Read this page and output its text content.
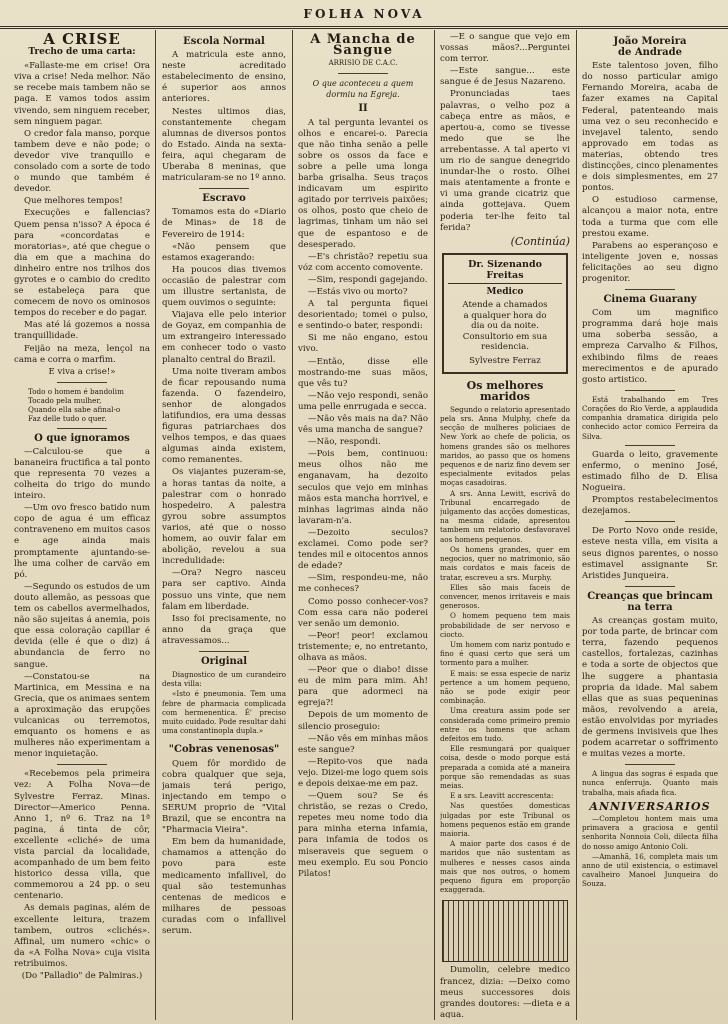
FOLHA NOVA
A CRISE
Trecho de uma carta:

«Fallaste-me em crise! Ora viva a crise! Neda melhor. Não se recebe mais tambem não se paga. E vamos todos assim vivendo, sem ninguem receber, sem ninguem pagar.

O credor fala manso, porque tambem deve e não pode; o devedor vive tranquillo e consolado com a sorte de todo o mundo que também é devedor.

Que melhores tempos!

Execuções e fallencias? Quem pensa n'isso? A época é para «concordatas e moratorias», até que chegue o dia em que a machina do dinheiro entre nos trilhos dos gyrotes e o cambio do credito se estabeleça para que comecem de novo os ominosos tempos do receber e do pagar.

Mas até lá gozemos a nossa tranquillidade.

Feijão na meza, lençol na cama e corra o marfim.

E viva a crise!»

Todo o homem é bandolim
Tocado pela mulher,
Quando ella sabe afinal-o
Faz delle tudo o quer.
O que ignoramos

—Calculou-se que a bananeira fructifica a tal ponto que representa 70 vezes a colheita do trigo do mundo inteiro.

—Um ovo fresco batido num copo de agua é um efficaz contraveneno em muitos casos e age ainda mais promptamente ajuntando-se-lhe uma colher de carvão em pó.

—Segundo os estudos de um douto allemão, as pessoas que tem os cabellos avermelhados, não são sujeitas á anemia, pois que essa coloração capillar é devida (elle é que o diz) á abundancia de ferro no sangue.

—Constatou-se na Martinica, em Messina e na Grecia, que os animaes sentem a aproximação das erupções vulcanicas ou terremotos, emquanto os homens e as mulheres não experimentam a menor inquietação.

«Recebemos pela primeira vez: A Folha Nova—de Sylvestre Ferraz. Minas. Director—Americo Penna. Anno 1, nº 6. Traz na 1ª pagina, á tinta de côr, excellente «cliché» de uma vista parcial da localidade, acompanhado de um bem feito historico dessa villa, que commemorou a 24 pp. o seu centenario.

As demais paginas, além de excellente leitura, trazem tambem, outros «clichés». Affinal, um numero «chic» o da «A Folha Nova» cuja visita retribuimos.

(Do "Palladio" de Palmiras.)

Escola Normal

A matricula este anno, neste acreditado estabelecimento de ensino, é superior aos annos anteriores.

Nestes ultimos dias, constantemente chegam alumnas de diversos pontos do Estado. Ainda na sexta-feira, aqui chegaram de Uberaba 8 meninas, que matricularam-se no 1º anno.

Escravo

Tomamos esta do «Diario de Minas» de 18 de Fevereiro de 1914:

«Não pensem que estamos exagerando:

Ha poucos dias tivemos occasião de palestrar com um illustre sertanista, de quem ouvimos o seguinte:

Viajava elle pelo interior de Goyaz, em companhia de um extrangeiro interessado em conhecer todo o vasto planalto central do Brazil.

Uma noite tiveram ambos de ficar repousando numa fazenda. O fazendeiro, senhor de alongados latifundios, era uma dessas figuras patriarchaes dos velhos tempos, e das quaes algumas ainda existem, como remanentes.

Os viajantes puzeram-se, a horas tantas da noite, a palestrar com o honrado hospedeiro. A palestra gyrou sobre assumptos varios, até que o nosso homem, ao ouvir falar em abolição, revelou a sua incredulidade:

—Ora? Negro nasceu para ser captivo. Ainda possuo uns vinte, que nem falam em liberdade.

Isso foi precisamente, no anno da graça que atravessamos...

Original

Diagnostico de um curandeiro desta villa:

«Isto é pneumonia. Tem uma febre de pharmacia complicada com hermenentica. É' preciso muito cuidado. Pode resultar dahi uma constantinopla dupla.»

"Cobras venenosas"

Quem fôr mordido de cobra qualquer que seja, jamais terá perigo, injectando em tempo o SERUM proprio de "Vital Brazil, que se encontra na "Pharmacia Vieira".

Em bem da humanidade, chamamos a attenção do povo para este medicamento infallivel, do qual são testemunhas centenas de medicos e milhares de pessoas curadas com o infallivel serum.

A Mancha de Sangue
ARRISIO DE C.A.C.
O que aconteceu a quem dormiu na Egreja.
II

A tal pergunta levantei os olhos e encarei-o. Parecia que não tinha senão a pelle sobre os ossos da face e sobre a pelle uma longa barba grisalha. Seus traços indicavam um espirito agitado por terriveis paixões; os olhos, posto que cheio de lagrimas, tinham um não sei que de espantoso e de desesperado.

—E's christão? repetiu sua vóz com accento comovente.

—Sim, respondi gagejando.

—Estás vivo ou morto?

A tal pergunta fiquei desorientado; tomei o pulso, e sentindo-o bater, respondi:

Si me não engano, estou vivo.

—Então, disse elle mostrando-me suas mãos, que vês tu?

—Não vejo respondi, senão uma pelle enrrugada e secca.

—Não vês mais na da? Não vês uma mancha de sangue?

—Não, respondi.

—Pois bem, continuou: meus olhos não me enganavam, ha dezoito seculos que vejo em minhas mãos esta mancha horrivel, e minhas lagrimas ainda não lavaram-n'a.

—Dezoito seculos? exclamei. Como pode ser? tendes mil e oitocentos annos de edade?

—Sim, respondeu-me, não me conheces?

Como posso conhecer-vos? Com essa cara não poderei ver senão um demonio.

—Peor! peor! exclamou tristemente; e, no entretanto, olhava as mãos.

—Peor que o diabo! disse eu de mim para mim. Ah! para que adormeci na egreja?!

Depois de um momento de silencio proseguio:

—Não vês em minhas mãos este sangue?

—Repito-vos que nada vejo. Dizei-me logo quem sois e depois deixae-me em paz.

—Quem sou? Se és christão, se rezas o Credo, repetes meu nome todo dia para minha eterna infamia, para infamia de todos os miseraveis que seguem o meu exemplo. Eu sou Poncio Pilatos!

—E o sangue que vejo em vossas mãos?...Perguntei com terror.

—Este sangue... este sangue é de Jesus Nazareno.

Pronunciadas taes palavras, o velho poz a cabeça entre as mãos, e apertou-a, como se tivesse medo que se lhe arrebentasse. A tal aperto vi um rio de sangue denegrido inundar-lhe o rosto. Olhei mais atentamente a fronte e vi uma grande cicatriz que ainda gottejava. Quem poderia ter-lhe feito tal ferida?

(Continúa)

Dr. Sizenando Freitas
Medico
Atende a chamados
a qualquer hora do
dia ou da noite.
Consultorio em sua
residencia.
Sylvestre Ferraz
Os melhores maridos

Segundo o relatorio apresentado pela srs. Anna Mulphy, chefe da secção de mulheres policiaes de New York ao chefe de policia, os homens grandes são os melhores maridos, ao passo que os homens pequenos e de nariz fino devem ser especialmente evitados pelas moças casadoiras.

A srs. Anna Lewitt, escrivã do Tribunal encarregado de julgamento das acções domesticas, na mesma cidade, apresentou tambem um relatorio desfavoravel aos homens pequenos.

Os homens grandes, quer em negocios, quer no matrimonio, são mais cordatos e mais faceis de tratar, escreveu a srs. Murphy.

Elles são mais faceis de convencer, menos irritaveis e mais generosos.

O homem pequeno tem mais probabilidade de ser nervoso e ciocto.

Um homem com nariz pontudo e fino é quasi certo que será um tormento para a mulher.

E mais: se essa especie de nariz pertence a um homem pequeno, não se pode exigir peor combinação.

Uma creatura assim pode ser considerada como primeiro premio entre os homens que acham defeitos em tudo.

Elle resmungará por qualquer coisa, desde o modo porque está preparada a comida até a maneira porque são remendadas as suas meias.

E a srs. Leavitt accrescenta:

Nas questões domesticas julgadas por este Tribunal os homens pequenos estão em grande maioria.

A maior parte dos casos é de maridos que não sustentam as mulheres e nesses casos ainda mais que nos outros, o homem pequeno figura em proporção exaggerada.

Dumolin, celebre medico francez, dizia: —Deixo como meus successores dois grandes doutores: —dieta e a agua.

João Moreira
de Andrade

Este talentoso joven, filho do nosso particular amigo Fernando Moreira, acaba de fazer exames na Capital Federal, patenteando mais uma vez o seu reconhecido e invejavel talento, sendo approvado em todas as materias, obtendo tres distincções, cinco plenamentes e dois simplesmentes, em 27 pontos.

O estudioso carmense, alcançou a maior nota, entre toda a turma que com elle prestou exame.

Parabens ao esperançoso e inteligente joven e, nossas felicitações ao seu digno progenitor.

Cinema Guarany

Com um magnifico programma dará hoje mais uma soberba sessão, a empreza Carvalho & Filhos, exhibindo films de reaes merecimentos e de apurado gosto artistico.

Está trabalhando em Tres Corações do Rio Verde, a applaudida companhia dramatica dirigida pelo conhecido actor comico Ferreira da Silva.

Guarda o leito, gravemente enfermo, o menino José, estimado filho de D. Elisa Nogueira.

Promptos restabelecimentos dezejamos.

De Porto Novo onde reside, esteve nesta villa, em visita a seus dignos parentes, o nosso estimavel assignante Sr. Aristides Junqueira.

Creanças que brincam na terra

As creanças gostam muito, por toda parte, de brincar com terra, fazendo pequenos castellos, fortalezas, cazinhas e toda a sorte de objectos que lhe suggere a phantasia propria da idade. Mal sabem ellas que as suas pequeninas mãos, revolvendo a areia, estão envolvidas por myriades de germens invisiveis que lhes podem acarretar o soffrimento e muitas vezes a morte.

A lingua das sogras é espada que nunca enferruja. Quanto mais trabalha, mais afiada fica.

ANNIVERSARIOS

—Completou hontem mais uma primavera a graciosa e gentil senhorita Nonnoia Coli, dilecta filha do nosso amigo Antonio Coli.

—Amanhã, 16, completa mais um anno de util existencia, o estimavel cavalheiro Manoel Junqueira do Souza.
